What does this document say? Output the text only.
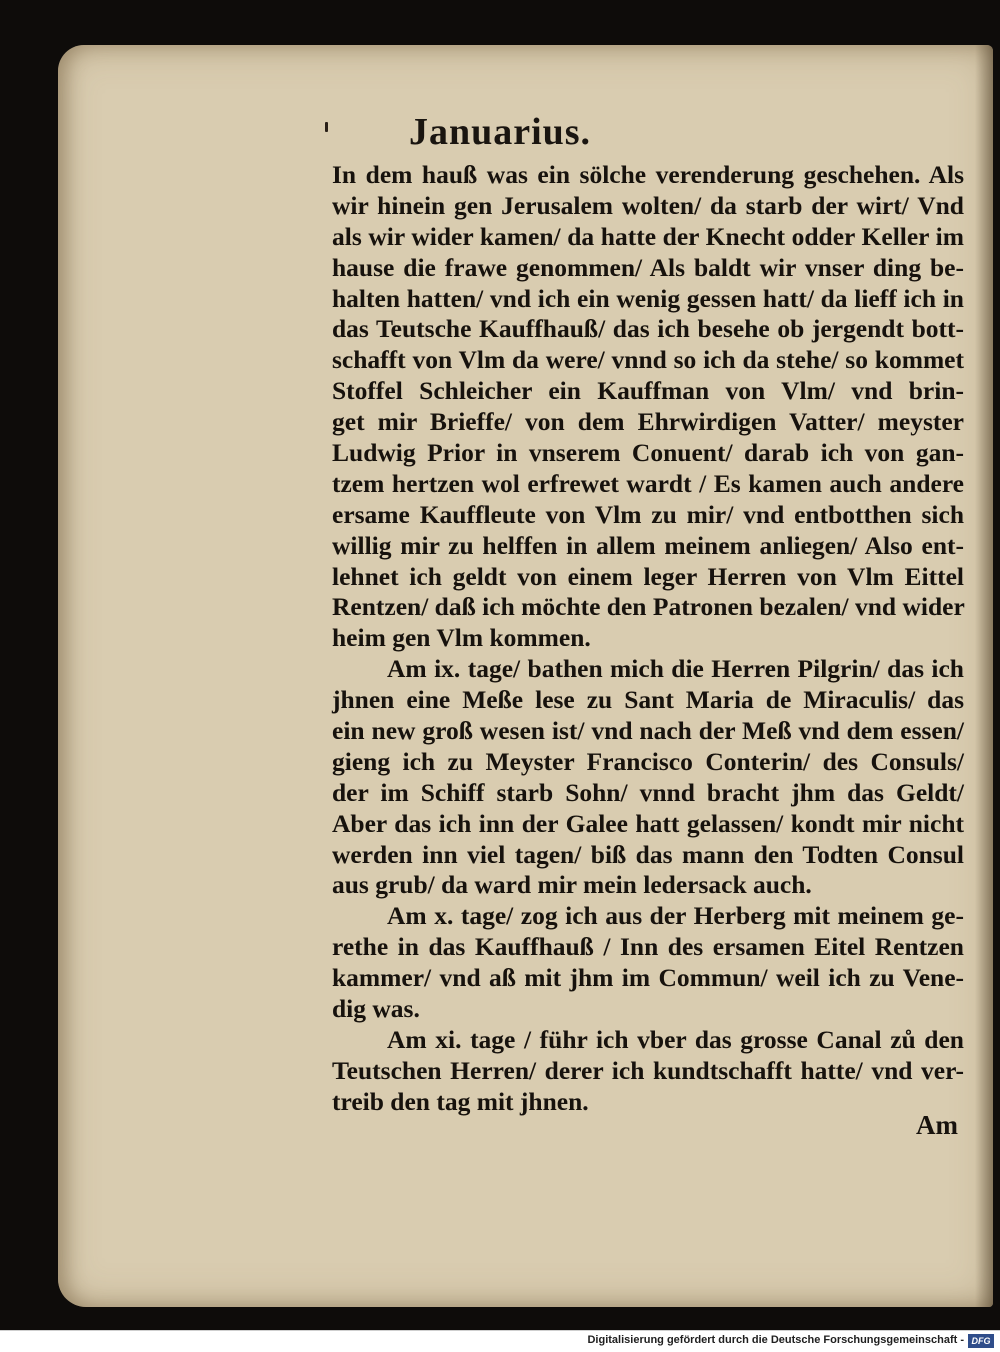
Januarius.
In dem hauß was ein sölche verenderung geschehen. Als
wir hinein gen Jerusalem wolten/ da starb der wirt/ Vnd
als wir wider kamen/ da hatte der Knecht odder Keller im
hause die frawe genommen/ Als baldt wir vnser ding be-
halten hatten/ vnd ich ein wenig gessen hatt/ da lieff ich in
das Teutsche Kauffhauß/ das ich besehe ob jergendt bott-
schafft von Vlm da were/ vnnd so ich da stehe/ so kommet
Stoffel Schleicher ein Kauffman von Vlm/ vnd brin-
get mir Brieffe/ von dem Ehrwirdigen Vatter/ meyster
Ludwig Prior in vnserem Conuent/ darab ich von gan-
tzem hertzen wol erfrewet wardt / Es kamen auch andere
ersame Kauffleute von Vlm zu mir/ vnd entbotthen sich
willig mir zu helffen in allem meinem anliegen/ Also ent-
lehnet ich geldt von einem leger Herren von Vlm Eittel
Rentzen/ daß ich möchte den Patronen bezalen/ vnd wider
heim gen Vlm kommen.
Am ix. tage/ bathen mich die Herren Pilgrin/ das ich
jhnen eine Meße lese zu Sant Maria de Miraculis/ das
ein new groß wesen ist/ vnd nach der Meß vnd dem essen/
gieng ich zu Meyster Francisco Conterin/ des Consuls/
der im Schiff starb Sohn/ vnnd bracht jhm das Geldt/
Aber das ich inn der Galee hatt gelassen/ kondt mir nicht
werden inn viel tagen/ biß das mann den Todten Consul
aus grub/ da ward mir mein ledersack auch.
Am x. tage/ zog ich aus der Herberg mit meinem ge-
rethe in das Kauffhauß / Inn des ersamen Eitel Rentzen
kammer/ vnd aß mit jhm im Commun/ weil ich zu Vene-
dig was.
Am xi. tage / führ ich vber das grosse Canal zů den
Teutschen Herren/ derer ich kundtschafft hatte/ vnd ver-
treib den tag mit jhnen.
Am
Digitalisierung gefördert durch die Deutsche Forschungsgemeinschaft - DFG
